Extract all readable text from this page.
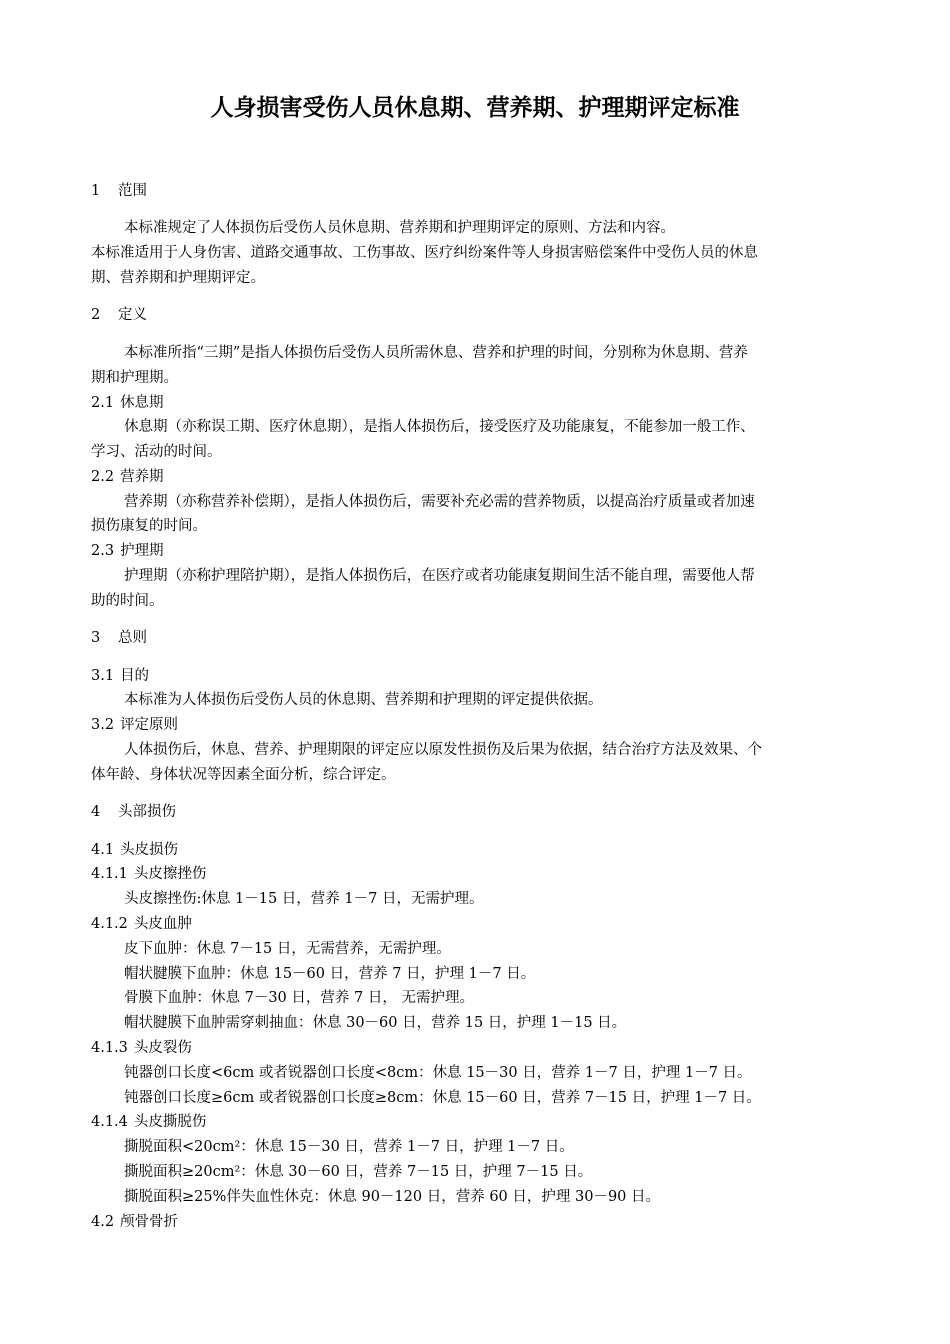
人身损害受伤人员休息期、营养期、护理期评定标准
1 范围
本标准规定了人体损伤后受伤人员休息期、营养期和护理期评定的原则、方法和内容。
本标准适用于人身伤害、道路交通事故、工伤事故、医疗纠纷案件等人身损害赔偿案件中受伤人员的休息
期、营养期和护理期评定。
2 定义
本标准所指“三期”是指人体损伤后受伤人员所需休息、营养和护理的时间，分别称为休息期、营养
期和护理期。
2.1 休息期
休息期（亦称误工期、医疗休息期），是指人体损伤后，接受医疗及功能康复，不能参加一般工作、
学习、活动的时间。
2.2 营养期
营养期（亦称营养补偿期），是指人体损伤后，需要补充必需的营养物质，以提高治疗质量或者加速
损伤康复的时间。
2.3 护理期
护理期（亦称护理陪护期），是指人体损伤后，在医疗或者功能康复期间生活不能自理，需要他人帮
助的时间。
3 总则
3.1 目的
本标准为人体损伤后受伤人员的休息期、营养期和护理期的评定提供依据。
3.2 评定原则
人体损伤后，休息、营养、护理期限的评定应以原发性损伤及后果为依据，结合治疗方法及效果、个
体年龄、身体状况等因素全面分析，综合评定。
4 头部损伤
4.1 头皮损伤
4.1.1 头皮擦挫伤
头皮擦挫伤:休息 1－15 日，营养 1－7 日，无需护理。
4.1.2 头皮血肿
皮下血肿：休息 7－15 日，无需营养，无需护理。
帽状腱膜下血肿：休息 15－60 日，营养 7 日，护理 1－7 日。
骨膜下血肿：休息 7－30 日，营养 7 日， 无需护理。
帽状腱膜下血肿需穿刺抽血：休息 30－60 日，营养 15 日，护理 1－15 日。
4.1.3 头皮裂伤
钝器创口长度<6cm 或者锐器创口长度<8cm：休息 15－30 日，营养 1－7 日，护理 1－7 日。
钝器创口长度≥6cm 或者锐器创口长度≥8cm：休息 15－60 日，营养 7－15 日，护理 1－7 日。
4.1.4 头皮撕脱伤
撕脱面积<20cm²：休息 15－30 日，营养 1－7 日，护理 1－7 日。
撕脱面积≥20cm²：休息 30－60 日，营养 7－15 日，护理 7－15 日。
撕脱面积≥25%伴失血性休克：休息 90－120 日，营养 60 日，护理 30－90 日。
4.2 颅骨骨折
